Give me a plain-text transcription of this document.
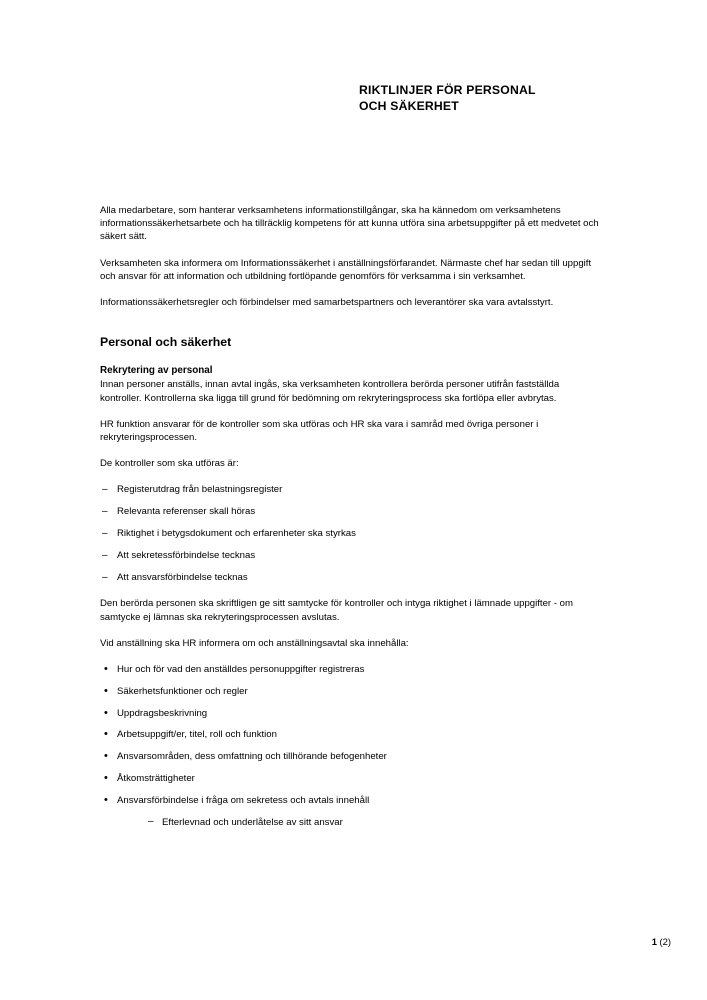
RIKTLINJER FÖR PERSONAL
OCH SÄKERHET

Alla medarbetare, som hanterar verksamhetens informationstillgångar, ska ha kännedom om verksamhetens informationssäkerhetsarbete och ha tillräcklig kompetens för att kunna utföra sina arbetsuppgifter på ett medvetet och säkert sätt.

Verksamheten ska informera om Informationssäkerhet i anställningsförfarandet. Närmaste chef har sedan till uppgift och ansvar för att information och utbildning fortlöpande genomförs för verksamma i sin verksamhet.

Informationssäkerhetsregler och förbindelser med samarbetspartners och leverantörer ska vara avtalsstyrt.

Personal och säkerhet
Rekrytering av personal

Innan personer anställs, innan avtal ingås, ska verksamheten kontrollera berörda personer utifrån fastställda kontroller. Kontrollerna ska ligga till grund för bedömning om rekryteringsprocess ska fortlöpa eller avbrytas.

HR funktion ansvarar för de kontroller som ska utföras och HR ska vara i samråd med övriga personer i rekryteringsprocessen.

De kontroller som ska utföras är:

– Registerutdrag från belastningsregister
– Relevanta referenser skall höras
– Riktighet i betygsdokument och erfarenheter ska styrkas
– Att sekretessförbindelse tecknas
– Att ansvarsförbindelse tecknas

Den berörda personen ska skriftligen ge sitt samtycke för kontroller och intyga riktighet i lämnade uppgifter - om samtycke ej lämnas ska rekryteringsprocessen avslutas.

Vid anställning ska HR informera om och anställningsavtal ska innehålla:

• Hur och för vad den anställdes personuppgifter registreras
• Säkerhetsfunktioner och regler
• Uppdragsbeskrivning
• Arbetsuppgift/er, titel, roll och funktion
• Ansvarsområden, dess omfattning och tillhörande befogenheter
• Åtkomsträttigheter
• Ansvarsförbindelse i fråga om sekretess och avtals innehåll
– Efterlevnad och underlåtelse av sitt ansvar

1 (2)
